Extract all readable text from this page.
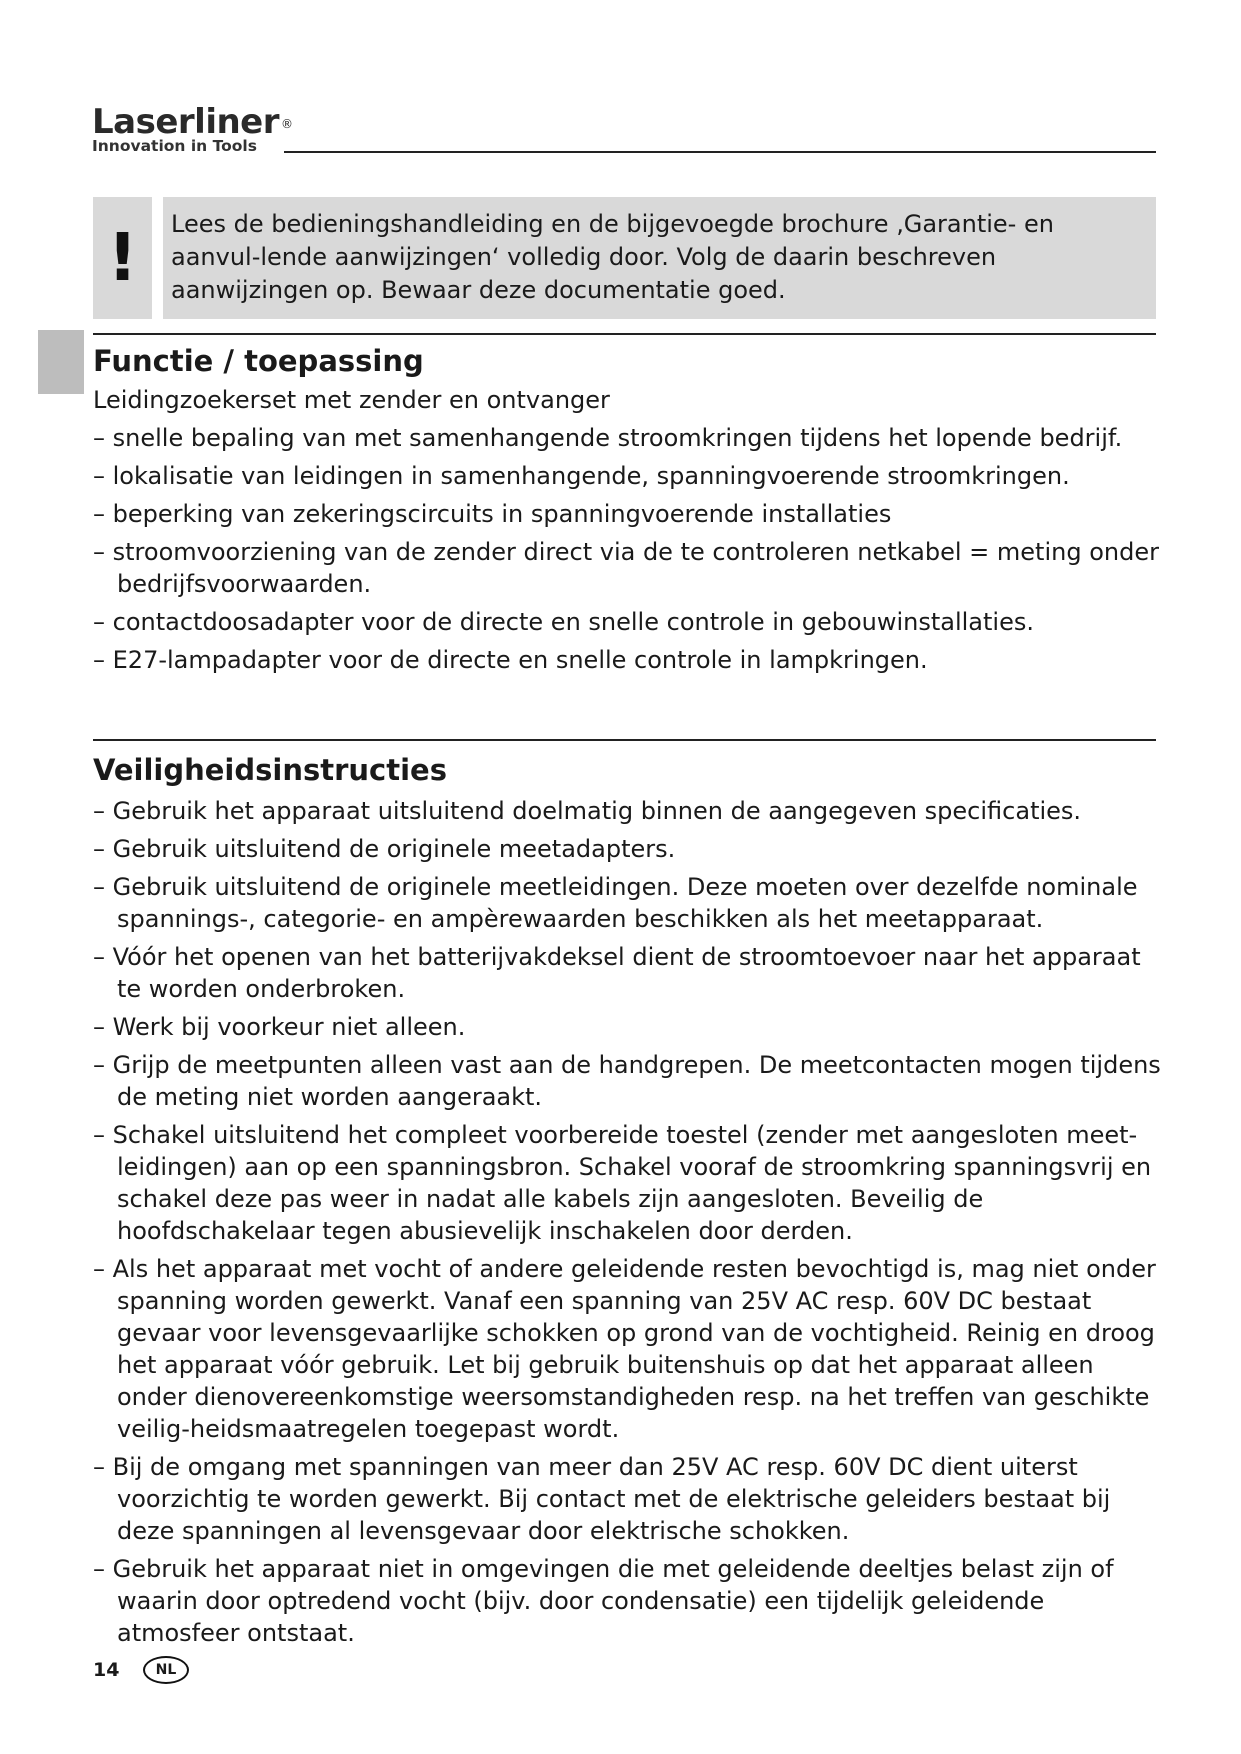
Laserliner ®
Innovation in Tools
!	Lees de bedieningshandleiding en de bijgevoegde brochure ‚Garantie- en aanvul-lende aanwijzingen‘ volledig door. Volg de daarin beschreven aanwijzingen op. Bewaar deze documentatie goed.

Functie / toepassing

Leidingzoekerset met zender en ontvanger

– snelle bepaling van met samenhangende stroomkringen tijdens het lopende bedrijf.
– lokalisatie van leidingen in samenhangende, spanningvoerende stroomkringen.
– beperking van zekeringscircuits in spanningvoerende installaties
– stroomvoorziening van de zender direct via de te controleren netkabel = meting onder bedrijfsvoorwaarden.
– contactdoosadapter voor de directe en snelle controle in gebouwinstallaties.
– E27-lampadapter voor de directe en snelle controle in lampkringen.
Veiligheidsinstructies
– Gebruik het apparaat uitsluitend doelmatig binnen de aangegeven specificaties.
– Gebruik uitsluitend de originele meetadapters.
– Gebruik uitsluitend de originele meetleidingen. Deze moeten over dezelfde nominale spannings-, categorie- en ampèrewaarden beschikken als het meetapparaat.
– Vóór het openen van het batterijvakdeksel dient de stroomtoevoer naar het apparaat te worden onderbroken.
– Werk bij voorkeur niet alleen.
– Grijp de meetpunten alleen vast aan de handgrepen. De meetcontacten mogen tijdens de meting niet worden aangeraakt.
– Schakel uitsluitend het compleet voorbereide toestel (zender met aangesloten meet-leidingen) aan op een spanningsbron. Schakel vooraf de stroomkring spanningsvrij en schakel deze pas weer in nadat alle kabels zijn aangesloten. Beveilig de hoofdschakelaar tegen abusievelijk inschakelen door derden.
– Als het apparaat met vocht of andere geleidende resten bevochtigd is, mag niet onder spanning worden gewerkt. Vanaf een spanning van 25V AC resp. 60V DC bestaat gevaar voor levensgevaarlijke schokken op grond van de vochtigheid. Reinig en droog het apparaat vóór gebruik. Let bij gebruik buitenshuis op dat het apparaat alleen onder dienovereenkomstige weersomstandigheden resp. na het treffen van geschikte veilig-heidsmaatregelen toegepast wordt.
– Bij de omgang met spanningen van meer dan 25V AC resp. 60V DC dient uiterst voorzichtig te worden gewerkt. Bij contact met de elektrische geleiders bestaat bij deze spanningen al levensgevaar door elektrische schokken.
– Gebruik het apparaat niet in omgevingen die met geleidende deeltjes belast zijn of waarin door optredend vocht (bijv. door condensatie) een tijdelijk geleidende atmosfeer ontstaat.
14	NL
